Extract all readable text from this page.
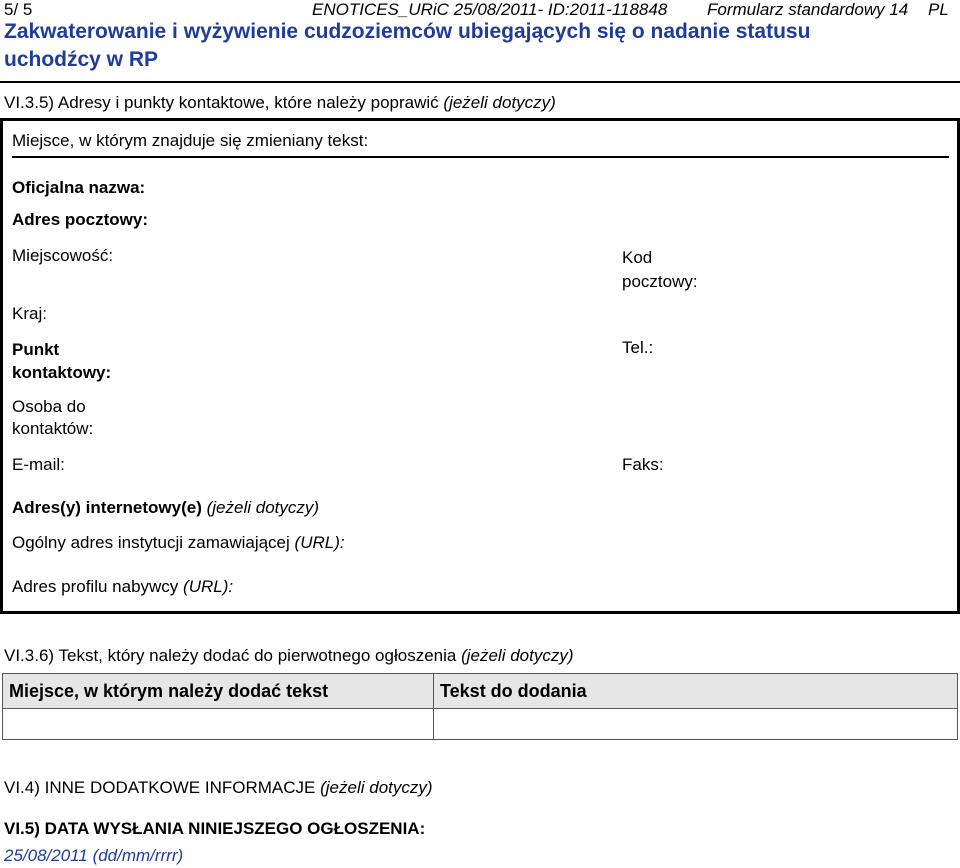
5/ 5	ENOTICES_URiC 25/08/2011- ID:2011-118848 Formularz standardowy 14 PL
Zakwaterowanie i wyżywienie cudzoziemców ubiegających się o nadanie statusu
uchodźcy w RP
VI.3.5) Adresy i punkty kontaktowe, które należy poprawić (jeżeli dotyczy)
Miejsce, w którym znajduje się zmieniany tekst:
Oficjalna nazwa:
Adres pocztowy:
Miejscowość:	Kod pocztowy:
Kraj:
Punkt kontaktowy:
Tel.:
Osoba do kontaktów:
E-mail:	Faks:
Adres(y) internetowy(e) (jeżeli dotyczy)
Ogólny adres instytucji zamawiającej (URL):
Adres profilu nabywcy (URL):
VI.3.6) Tekst, który należy dodać do pierwotnego ogłoszenia (jeżeli dotyczy)
Miejsce, w którym należy dodać tekst	Tekst do dodania

VI.4) INNE DODATKOWE INFORMACJE (jeżeli dotyczy)
VI.5) DATA WYSŁANIA NINIEJSZEGO OGŁOSZENIA:
25/08/2011 (dd/mm/rrrr)
